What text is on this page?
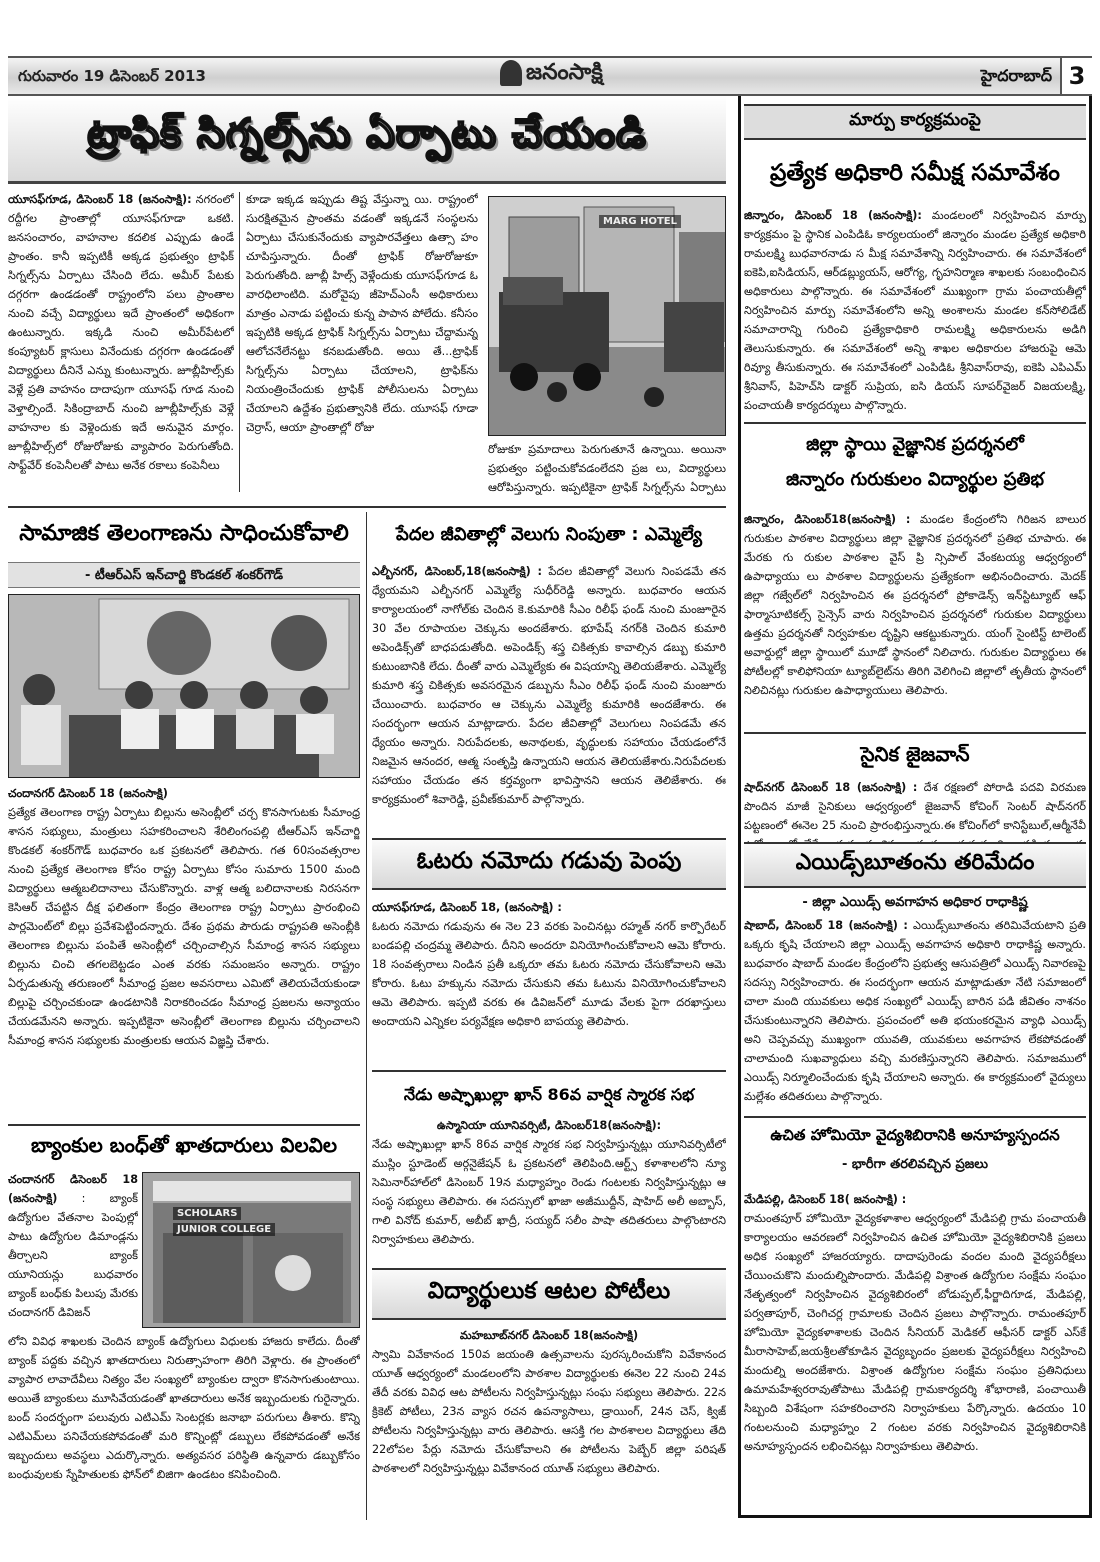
గురువారం 19 డిసెంబర్ 2013	జనంసాక్షి	హైదరాబాద్ 3
ట్రాఫిక్ సిగ్నల్స్‌ను ఏర్పాటు చేయండి
యూసఫ్‌గూడ, డిసెంబర్ 18 (జనంసాక్షి): నగరంలో రద్దీగల ప్రాంతాల్లో యూసఫ్‌గూడా ఒకటి. జనసంచారం, వాహనాల కదలిక ఎప్పుడు ఉండే ప్రాంతం. కానీ ఇప్పటికీ అక్కడ ప్రభుత్వం ట్రాఫిక్ సిగ్నల్స్‌ను ఏర్పాటు చేసింది లేదు. అమీర్ పేటకు దగ్గరగా ఉండడంతో రాష్ట్రంలోని పలు ప్రాంతాల నుంచి వచ్చే విద్యార్థులు ఇదే ప్రాంతంలో అధికంగా ఉంటున్నారు. ఇక్కడి నుంచి అమీర్‌పేటలో కంప్యూటర్ క్లాసులు వినేందుకు దగ్గరగా ఉండడంతో విద్యార్థులు దీనినే ఎన్ను కుంటున్నారు. జూబ్లీహిల్స్‌కు వెళ్లే ప్రతి వాహనం దాదాపుగా యూసఫ్ గూడ నుంచి వెళ్తాల్సిందే. సికింద్రాబాద్ నుంచి జూబ్లీహిల్స్‌కు వెళ్లే వాహనాల కు వెళ్లెందుకు ఇదే అనువైన మార్గం. జూబ్లీహిల్స్‌లో రోజురోజుకు వ్యాపారం పెరుగుతోంది. సాఫ్ట్‌వేర్ కంపెనీలతో పాటు అనేక రకాలు కంపెనీలు
కూడా ఇక్కడ ఇప్పుడు తిష్ట వేస్తున్నా యి. రాష్ట్రంలో సురక్షితమైన ప్రాంతమ వడంతో ఇక్కడనే సంస్థలను ఏర్పాటు చేసుకునేందుకు వ్యాపారవేత్తలు ఉత్సా హం చూపిస్తున్నారు. దీంతో ట్రాఫిక్ రోజురోజుకూ పెరుగుతోంది. జూబ్లీ హిల్స్ వెళ్లేందుకు యూసఫ్‌గూడ ఓ వారధిలాంటిది. మరోవైపు జీహెచ్‌ఎంసీ అధికారులు మాత్రం ఎనాడు పట్టించు కున్న పాపాన పోలేదు. కనీసం ఇప్పటికి అక్కడ ట్రాఫిక్ సిగ్నల్స్‌ను ఏర్పాటు చేద్దామన్న ఆలోచనేలేనట్టు కనబడుతోంది. అయి తే...ట్రాఫిక్ సిగ్నల్స్‌ను ఏర్పాటు చేయాలని, ట్రాఫిక్‌ను నియంత్రించేందుకు ట్రాఫిక్ పోలీసులను ఏర్పాటు చేయాలని ఉద్దేశం ప్రభుత్వానికి లేదు. యూసఫ్ గూడా చెర్రాస్, ఆయా ప్రాంతాల్లో రోజు
MARG HOTEL
రోజుకూ ప్రమాదాలు పెరుగుతూనే ఉన్నాయి. అయినా ప్రభుత్వం పట్టించుకోవడంలేదని ప్రజ లు, విద్యార్థులు ఆరోపిస్తున్నారు. ఇప్పటికైనా ట్రాఫిక్ సిగ్నల్స్‌ను ఏర్పాటు
సామాజిక తెలంగాణను సాధించుకోవాలి
- టీఆర్ఎస్ ఇన్‌చార్జి కొండకల్ శంకర్‌గౌడ్
చందానగర్ డిసెంబర్ 18 (జనంసాక్షి)
ప్రత్యేక తెలంగాణ రాష్ట్ర ఏర్పాటు బిల్లును అసెంబ్లీలో చర్చ కొనసాగుటకు సీమాంధ్ర శాసన సభ్యులు, మంత్రులు సహకరించాలని శేరిలింగంపల్లి టీఆర్ఎస్ ఇన్‌చార్జి కొండకల్ శంకర్‌గౌడ్ బుధవారం ఒక ప్రకటనలో తెలిపారు. గత 60సంవత్సరాల నుంచి ప్రత్యేక తెలంగాణ కోసం రాష్ట్ర ఏర్పాటు కోసం సుమారు 1500 మంది విద్యార్థులు ఆత్మబలిదానాలు చేసుకొన్నారు. వాళ్ల ఆత్మ బలిదానాలకు నిరసనగా కెసిఆర్ చేపట్టిన దీక్ష ఫలితంగా కేంద్రం తెలంగాణ రాష్ట్ర ఏర్పాటు ప్రారంభించి పార్లమెంట్‌లో బిల్లు ప్రవేశపెట్టిందన్నారు. దేశం ప్రథమ పౌరుడు రాష్ట్రపతి అసెంబ్లీకి తెలంగాణ బిల్లును పంపితే అసెంబ్లీలో చర్చించాల్సిన సీమాంధ్ర శాసన సభ్యులు బిల్లును చించి తగలబెట్టడం ఎంత వరకు సమంజసం అన్నారు. రాష్ట్రం ఏర్పడుతున్న తరుణంలో సీమాంధ్ర ప్రజల అవసరాలు ఎమిటో తెలియచేయకుండా బిల్లుపై చర్చించకుండా ఉండటానికి నిరాకరించడం సీమాంధ్ర ప్రజలను అన్యాయం చేయడమేనని అన్నారు. ఇప్పటికైనా అసెంబ్లీలో తెలంగాణ బిల్లును చర్చించాలని సీమాంధ్ర శాసన సభ్యులకు మంత్రులకు ఆయన విజ్ఞప్తి చేశారు.
బ్యాంకుల బంధ్‌తో ఖాతదారులు విలవిల
చందానగర్ డిసెంబర్ 18 (జనంసాక్షి) : బ్యాంక్ ఉద్యోగుల వేతనాల పెంపుల్లో పాటు ఉద్యోగుల డిమాండ్లను తీర్చాలని బ్యాంక్ యూనియన్లు బుధవారం బ్యాంక్ బంధ్‌కు పిలుపు మేరకు చందానగర్ డివిజన్
SCHOLARS
JUNIOR COLLEGE
లోని వివిధ శాఖలకు చెందిన బ్యాంక్ ఉద్యోగులు విధులకు హాజరు కాలేదు. దీంతో బ్యాంక్ పద్దకు వచ్చిన ఖాతదారులు నిరుత్సాహంగా తిరిగి వెళ్లారు. ఈ ప్రాంతంలో వ్యాపార లావాదేవీలు నిత్యం వేల సంఖ్యలో బ్యాంకుల ద్వారా కొనసాగుతుంటాయి. అయితే బ్యాంకులు మూసివేయడంతో ఖాతదారులు అనేక ఇబ్బందులకు గురైన్నారు. బంద్ సందర్భంగా పలువురు ఎటిఎమ్ సెంటర్లకు జనాభా పరుగులు తీశారు. కొన్ని ఎటిఎమ్‌లు పనిచేయకపోవడంతో మరి కొన్నింట్లో డబ్బులు లేకపోవడంతో అనేక ఇబ్బందులు అవస్థలు ఎదుర్కొన్నారు. అత్యవసర పరిస్థితి ఉన్నవారు డబ్బుకోసం బంధువులకు స్నేహితులకు ఫోన్‌లో బిజిగా ఉండటం కనిపించింది.
పేదల జీవితాల్లో వెలుగు నింపుతా : ఎమ్మెల్యే
ఎల్బీనగర్, డిసెంబర్,18(జనంసాక్షి) : పేదల జీవితాల్లో వెలుగు నింపడమే తన ధ్యేయమని ఎల్బీనగర్ ఎమ్మెల్యే సుధీర్‌రెడ్డి అన్నారు. బుధవారం ఆయన కార్యాలయంలో నాగోల్‌కు చెందిన కె.కుమారికి సీఎం రిలీఫ్ ఫండ్ నుంచి మంజూరైన 30 వేల రూపాయల చెక్కును అందజేశారు. భూపేష్ నగర్‌కి చెందిన కుమారి అపెండిక్స్‌తో బాధపడుతోంది. అపెండిక్స్ శస్త్ర చికిత్సకు కావాల్సిన డబ్బు కుమారి కుటుంబానికి లేదు. దీంతో వారు ఎమ్మెల్యేకు ఈ విషయాన్ని తెలియజేశారు. ఎమ్మెల్యే కుమారి శస్త్ర చికిత్సకు అవసరమైన డబ్బును సీఎం రిలీఫ్ ఫండ్ నుంచి మంజూరు చేయించారు. బుధవారం ఆ చెక్కును ఎమ్మెల్యే కుమారికి అందజేశారు. ఈ సందర్భంగా ఆయన మాట్లాడారు. పేదల జీవితాల్లో వెలుగులు నింపడమే తన ధ్యేయం అన్నారు. నిరుపేదలకు, అనాథలకు, వృద్ధులకు సహాయం చేయడంలోనే నిజమైన ఆనందర, ఆత్మ సంతృప్తి ఉన్నాయని ఆయన తెలియజేశారు.నిరుపేదలకు సహాయం చేయడం తన కర్తవ్యంగా భావిస్తానని ఆయన తెలిజేశారు. ఈ కార్యక్రమంలో శివారెడ్డి, ప్రవీణ్‌కుమార్ పాల్గొన్నారు.
ఓటరు నమోదు గడువు పెంపు
యూసఫ్‌గూడ, డిసెంబర్ 18, (జనంసాక్షి) :
ఓటరు నమోదు గడువును ఈ నెల 23 వరకు పెంచినట్లు రహ్మత్ నగర్ కార్పొరేటర్ బండపల్లి చంద్రమ్మ తెలిపారు. దీనిని అందరూ వినియోగించుకోవాలని ఆమె కోరారు. 18 సంవత్సరాలు నిండిన ప్రతీ ఒక్కరూ తమ ఓటరు నమోదు చేసుకోవాలని ఆమె కోరారు. ఓటు హక్కును నమోదు చేసుకుని తమ ఓటును వినియోగించుకోవాలని ఆమె తెలిపారు. ఇప్పటి వరకు ఈ డివిజన్‌లో మూడు వేలకు పైగా దరఖాస్తులు అందాయని ఎన్నికల పర్యవేక్షణ అధికారి బాపయ్య తెలిపారు.
నేడు అష్ఫాఖుల్లా ఖాన్ 86వ వార్షిక స్మారక సభ
ఉస్మానియా యూనివర్సిటీ, డిసెంబర్18(జనంసాక్షి):
నేడు అష్ఫాఖుల్లా ఖాన్ 86వ వార్షిక స్మారక సభ నిర్వహిస్తున్నట్లు యూనివర్సిటీలో ముస్లిం స్టూడెంట్ అర్గనైజేషన్ ఓ ప్రకటనలో తెలిపింది.ఆర్ట్స్ కళాశాలలోని న్యూ సెమినార్‌హాల్‌లో డిసెంబర్ 19న మధ్యాహ్నం రెండు గంటలకు నిర్వహిస్తున్నట్లు ఆ సంస్థ సభ్యులు తెలిపారు. ఈ సదస్సులో ఖాజా అజీముద్దీన్, షాహిద్ అలీ అబ్బాస్, గాలి వినోద్ కుమార్, అబీబ్ ఖాద్రీ, సయ్యద్ సలీం పాషా తదితరులు పాల్గొంటారని నిర్వాహకులు తెలిపారు.
విద్యార్థులుక ఆటల పోటీలు
మహబూబ్‌నగర్ డిసెంబర్ 18(జనంసాక్షి)
స్వామి వివేకానంద 150వ జయంతి ఉత్సవాలను పురస్కరించుకోని వివేకానంద యూత్ ఆధ్వర్యంలో మండలంలోని పాఠశాల విద్యార్థులకు ఈనెల 22 నుంచి 24వ తేదీ వరకు వివిధ ఆట పోటీలను నిర్వహిస్తున్నట్లు సంఘ సభ్యులు తెలిపారు. 22న క్రికెట్ పోటీలు, 23న వ్యాస రచన ఉపన్యాసాలు, డ్రాయింగ్, 24న చెస్, క్విజ్ పోటీలను నిర్వహిస్తున్నట్లు వారు తెలిపారు. ఆసక్తి గల పాఠశాలల విద్యార్థులు తేది 22లోపల పేర్లు నమోదు చేసుకోవాలని ఈ పోటీలను పెబ్బేర్ జిల్లా పరిషత్ పాఠశాలలో నిర్వహిస్తున్నట్లు వివేకానంద యూత్ సభ్యులు తెలిపారు.
మార్పు కార్యక్రమంపై
ప్రత్యేక అధికారి సమీక్ష సమావేశం
జిన్నారం, డిసెంబర్ 18 (జనంసాక్షి): మండలంలో నిర్వహించిన మార్పు కార్యక్రమం పై స్థానిక ఎంపిడిఓ కార్యలయంలో జిన్నారం మండల ప్రత్యేక అధికారి రామలక్ష్మి బుధవారనాడు స మీక్ష సమావేశాన్ని నిర్వహించారు. ఈ సమావేశంలో ఐకెపి,ఐసిడియస్, ఆర్‌డబ్ల్యుయస్, ఆరోగ్య, గృహనిర్మాణ శాఖలకు సంబంధించిన అధికారులు పాల్గొన్నారు. ఈ సమావేశంలో ముఖ్యంగా గ్రామ పంచాయతీల్లో నిర్వహించిన మార్పు సమావేశంలోని అన్ని అంశాలను మండల కన్‌సోలిడేట్ సమాచారాన్ని గురించి ప్రత్యేకాధికారి రామలక్ష్మి అధికారులను అడిగి తెలుసుకున్నారు. ఈ సమావేశంలో అన్ని శాఖల అధికారుల హాజరుపై ఆమె రివ్యూ తీసుకున్నారు. ఈ సమావేశంలో ఎంపిడిఓ శ్రీనివాస్‌రావు, ఐకెపి ఎపిఎమ్ శ్రీనివాస్, పిహెచ్‌సి డాక్టర్ సుప్రియ, ఐసి డియస్ సూపర్‌వైజర్ విజయలక్ష్మి, పంచాయతీ కార్యదర్శులు పాల్గొన్నారు.
జిల్లా స్థాయి వైజ్ఞానిక ప్రదర్శనలో
జిన్నారం గురుకులం విద్యార్థుల ప్రతిభ
జిన్నారం, డిసెంబర్18(జనంసాక్షి) : మండల కేంద్రంలోని గిరిజన బాలుర గురుకుల పాఠశాల విద్యార్థులు జిల్లా వైజ్ఞానిక ప్రదర్శనలో ప్రతిభ చూపారు. ఈ మేరకు గు రుకుల పాఠశాల వైస్ ప్రి న్సిపాల్ వేంకటయ్య ఆధ్వర్యంలో ఉపాధ్యాయు లు పాఠశాల విద్యార్థులను ప్రత్యేకంగా అభినందించారు. మెదక్ జిల్లా గజ్వేల్‌లో నిర్వహించిన ఈ ప్రదర్శనలో ప్రోకాడెన్స్ ఇన్‌స్టిట్యూట్ ఆఫ్ ఫార్మాసూటికల్స్ సైన్సెస్ వారు నిర్వహించిన ప్రదర్శనలో గురుకుల విద్యార్థులు ఉత్తమ ప్రదర్శనతో నిర్వహకుల దృష్టిని ఆకట్టుకున్నారు. యంగ్ సైంటిస్ట్ టాలెంట్ అవార్డుల్లో జిల్లా స్థాయిలో మూడో స్థానంలో నిలిచారు. గురుకుల విద్యార్థులు ఈ పోటీలల్లో కాలిఫోనియా ట్యూబ్‌లైట్‌ను తిరిగి వెలిగించి జిల్లాలో తృతీయ స్థానంలో నిలిచినట్లు గురుకుల ఉపాధ్యాయులు తెలిపారు.
సైనిక జైజవాన్
షాద్‌నగర్ డిసెంబర్ 18 (జనంసాక్షి) : దేశ రక్షణలో పోరాడి పదవి విరమణ పొందిన మాజీ సైనికులు ఆధ్వర్యంలో జైజవాన్ కోచింగ్ సెంటర్ షాద్‌నగర్ పట్టణంలో ఈనెల 25 నుంచి ప్రారంభిస్తున్నారు.ఈ కోచింగ్‌లో కానిస్టేబుల్,ఆర్మీనేవీ
ఎయిడ్స్‌బూతంను తరిమేదం
- జిల్లా ఎయిడ్స్ అవగాహన అధికార రాధాకిష్ణ
షాబాద్, డిసెంబర్ 18 (జనంసాక్షి) : ఎయిడ్స్‌బూతంను తరిమివేయటాని ప్రతి ఒక్కరు కృషి చేయాలని జిల్లా ఎయిడ్స్ అవగాహన అధికారి రాధాకిష్ణ అన్నారు. బుధవారం షాబాద్ మండల కేంద్రంలోని ప్రభుత్వ ఆసుపత్రిలో ఎయిడ్స్ నివారణపై సదస్సు నిర్వహించారు. ఈ సందర్భంగా ఆయన మాట్లాడుతూ నేటి సమాజంలో చాలా మంది యువకులు అధిక సంఖ్యలో ఎయిడ్స్ బారిన పడి జీవితం నాశనం చేసుకుంటున్నారని తెలిపారు. ప్రపంచంలో అతి భయంకరమైన వ్యాధి ఎయిడ్స్ అని చెప్పవచ్చు ముఖ్యంగా యువతి, యువకులు అవగాహన లేకపోవడంతో చాలామంది సుఖవ్యాధులు వచ్చి మరణిస్తున్నారని తెలిపారు. సమాజములో ఎయిడ్స్ నిర్మూలించేందుకు కృషి చేయాలని అన్నారు. ఈ కార్యక్రమంలో వైద్యులు మల్లేశం తదితరులు పాల్గొన్నారు.
ఉచిత హోమియో వైద్యశిబిరానికి అనూహ్యస్పందన
- భారీగా తరలివచ్చిన ప్రజలు
మేడిపల్లి, డిసెంబర్ 18( జనంసాక్షి) :
రామంతపూర్ హోమియో వైద్యకళాశాల ఆధ్వర్యంలో మేడిపల్లి గ్రామ పంచాయతీ కార్యాలయం ఆవరణలో నిర్వహించిన ఉచిత హోమియో వైద్యశిబిరానికి ప్రజలు అధిక సంఖ్యలో హాజరయ్యారు. దాదాపురెండు వందల మంది వైద్యపరీక్షలు చేయించుకొని మందుల్నిపొందారు. మేడిపల్లి విశ్రాంత ఉద్యోగుల సంక్షేమ సంఘం నేతృత్వంలో నిర్వహించిన వైద్యశిబిరంలో బోడుప్పల్,ఫీర్జాదిగూడ, మేడిపల్లి, పర్వతాపూర్, చెంగిచర్ల గ్రామాలకు చెందిన ప్రజలు పాల్గొన్నారు. రామంతపూర్ హోమియో వైద్యకళాశాలకు చెందిన సీనియర్ మెడికల్ ఆఫీసర్ డాక్టర్ ఎస్‌కే మీరాసాహెబ్,జయశ్రీలతోకూడిన వైద్యబృందం ప్రజలకు వైద్యపరీక్షలు నిర్వహించి మందుల్ని అందజేశారు. విశ్రాంత ఉద్యోగుల సంక్షేమ సంఘం ప్రతినిధులు ఉమామహేశ్వరరావుతోపాటు మేడిపల్లి గ్రామకార్యదర్శి శోభారాణి, పంచాయితీ సిబ్బంది విశేషంగా సహకరించారని నిర్వాహకులు పేర్కొన్నారు. ఉదయం 10 గంటలనుంచి మధ్యాహ్నం 2 గంటల వరకు నిర్వహించిన వైద్యశిబిరానికి అనూహ్యస్పందన లభించినట్లు నిర్వాహకులు తెలిపారు.
